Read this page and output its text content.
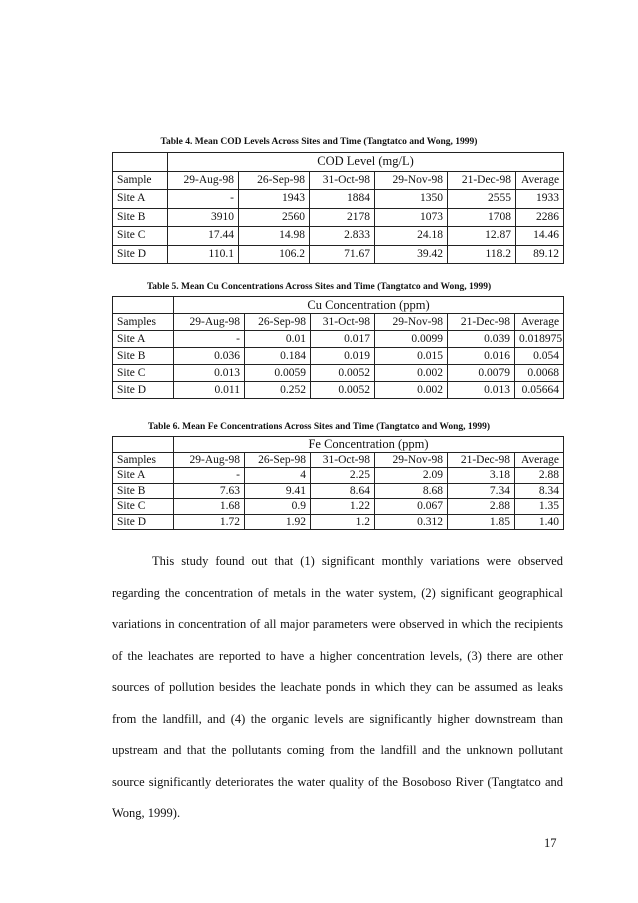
Table 4. Mean COD Levels Across Sites and Time (Tangtatco and Wong, 1999)
	COD Level (mg/L)					
Sample	29-Aug-98	26-Sep-98	31-Oct-98	29-Nov-98	21-Dec-98	Average
Site A	-	1943	1884	1350	2555	1933
Site B	3910	2560	2178	1073	1708	2286
Site C	17.44	14.98	2.833	24.18	12.87	14.46
Site D	110.1	106.2	71.67	39.42	118.2	89.12
Table 5. Mean Cu Concentrations Across Sites and Time (Tangtatco and Wong, 1999)
	Cu Concentration (ppm)					
Samples	29-Aug-98	26-Sep-98	31-Oct-98	29-Nov-98	21-Dec-98	Average
Site A	-	0.01	0.017	0.0099	0.039	0.018975
Site B	0.036	0.184	0.019	0.015	0.016	0.054
Site C	0.013	0.0059	0.0052	0.002	0.0079	0.0068
Site D	0.011	0.252	0.0052	0.002	0.013	0.05664
Table 6. Mean Fe Concentrations Across Sites and Time (Tangtatco and Wong, 1999)
	Fe Concentration (ppm)					
Samples	29-Aug-98	26-Sep-98	31-Oct-98	29-Nov-98	21-Dec-98	Average
Site A	-	4	2.25	2.09	3.18	2.88
Site B	7.63	9.41	8.64	8.68	7.34	8.34
Site C	1.68	0.9	1.22	0.067	2.88	1.35
Site D	1.72	1.92	1.2	0.312	1.85	1.40

This study found out that (1) significant monthly variations were observed regarding the concentration of metals in the water system, (2) significant geographical variations in concentration of all major parameters were observed in which the recipients of the leachates are reported to have a higher concentration levels, (3) there are other sources of pollution besides the leachate ponds in which they can be assumed as leaks from the landfill, and (4) the organic levels are significantly higher downstream than upstream and that the pollutants coming from the landfill and the unknown pollutant source significantly deteriorates the water quality of the Bosoboso River (Tangtatco and Wong, 1999).

17
